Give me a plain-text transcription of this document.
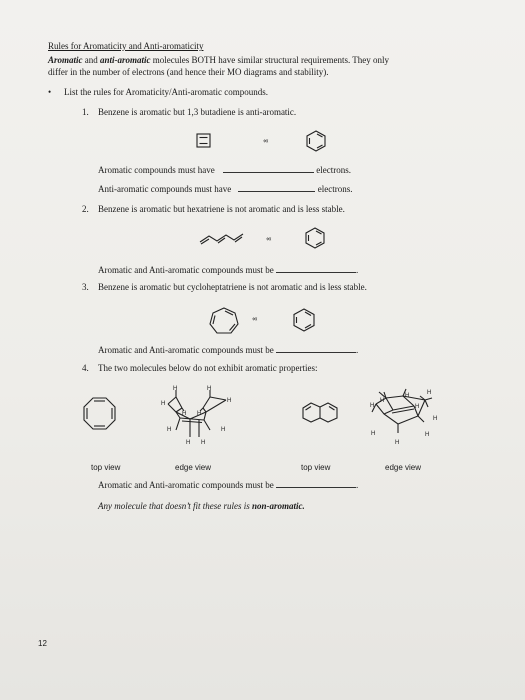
Rules for Aromaticity and Anti-aromaticity
Aromatic and anti-aromatic molecules BOTH have similar structural requirements. They only
differ in the number of electrons (and hence their MO diagrams and stability).
• List the rules for Aromaticity/Anti-aromatic compounds.
1. Benzene is aromatic but 1,3 butadiene is anti-aromatic.
H	H
H	H
H H
H	H
H H
H	H
H
H
H
H
H	H
H
«‹
Aromatic compounds must have	electrons.
Anti-aromatic compounds must have	electrons.
2. Benzene is aromatic but hexatriene is not aromatic and is less stable.
«‹
Aromatic and Anti-aromatic compounds must be	.
3. Benzene is aromatic but cycloheptatriene is not aromatic and is less stable.
«‹
Aromatic and Anti-aromatic compounds must be	.
4. The two molecules below do not exhibit aromatic properties:
top view	edge view	top view	edge view
Aromatic and Anti-aromatic compounds must be	.
Any molecule that doesn’t fit these rules is non-aromatic.
12
